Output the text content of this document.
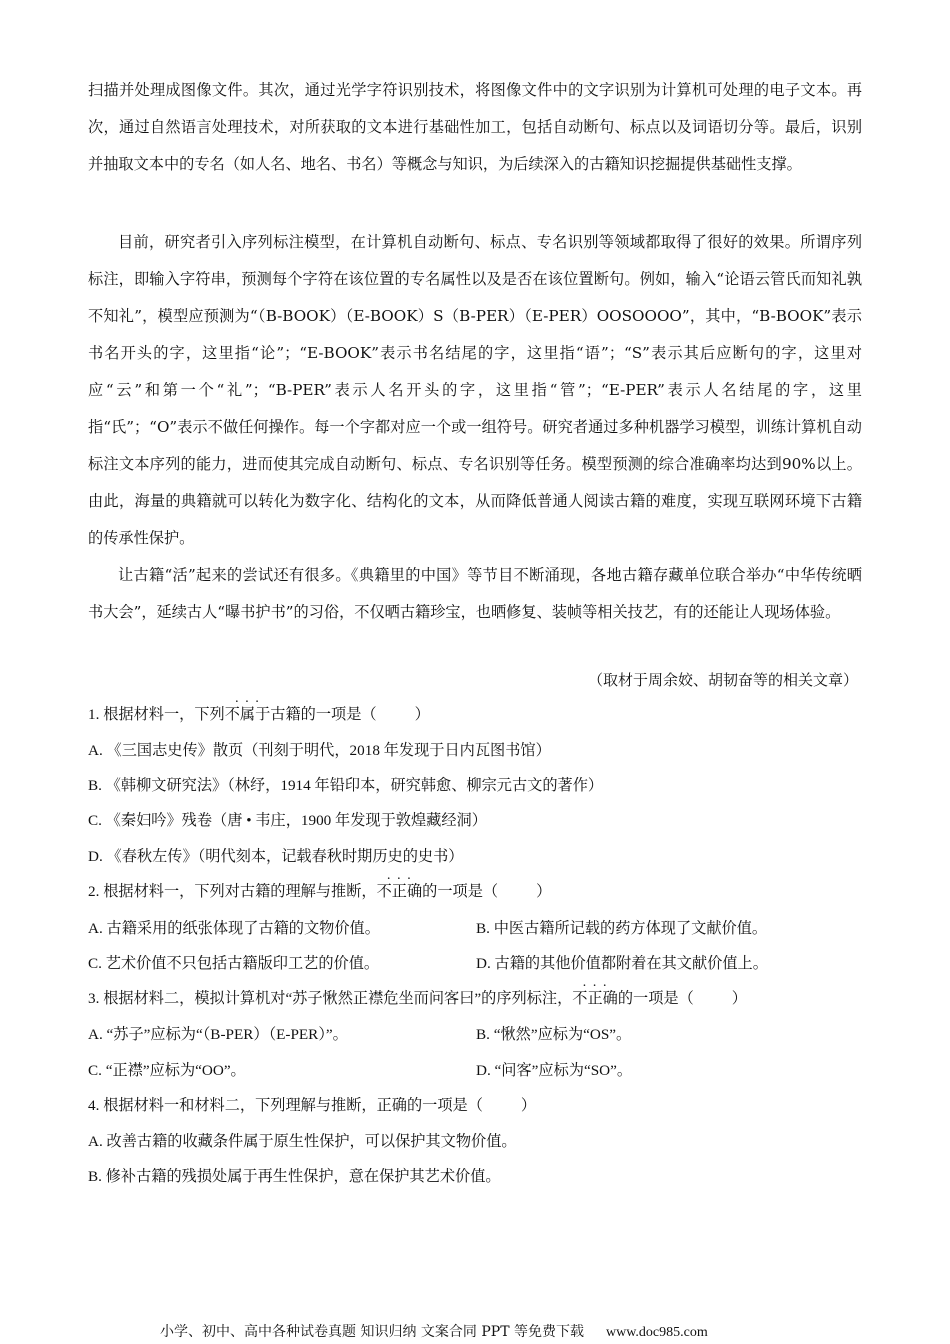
扫描并处理成图像文件。其次，通过光学字符识别技术，将图像文件中的文字识别为计算机可处理的电子文本。再次，通过自然语言处理技术，对所获取的文本进行基础性加工，包括自动断句、标点以及词语切分等。最后，识别并抽取文本中的专名（如人名、地名、书名）等概念与知识，为后续深入的古籍知识挖掘提供基础性支撑。

目前，研究者引入序列标注模型，在计算机自动断句、标点、专名识别等领域都取得了很好的效果。所谓序列标注，即输入字符串，预测每个字符在该位置的专名属性以及是否在该位置断句。例如，输入“论语云管氏而知礼孰不知礼”，模型应预测为“（B-BOOK）（E-BOOK）S（B-PER）（E-PER）OOSOOOO”，其中，“B-BOOK”表示书名开头的字，这里指“论”；“E-BOOK”表示书名结尾的字，这里指“语”；“S”表示其后应断句的字，这里对应“云”和第一个“礼”；“B-PER”表示人名开头的字，这里指“管”；“E-PER”表示人名结尾的字，这里指“氏”；“O”表示不做任何操作。每一个字都对应一个或一组符号。研究者通过多种机器学习模型，训练计算机自动标注文本序列的能力，进而使其完成自动断句、标点、专名识别等任务。模型预测的综合准确率均达到90%以上。由此，海量的典籍就可以转化为数字化、结构化的文本，从而降低普通人阅读古籍的难度，实现互联网环境下古籍的传承性保护。

让古籍“活”起来的尝试还有很多。《典籍里的中国》等节目不断涌现，各地古籍存藏单位联合举办“中华传统晒书大会”，延续古人“曝书护书”的习俗，不仅晒古籍珍宝，也晒修复、装帧等相关技艺，有的还能让人现场体验。

（取材于周余姣、胡韧奋等的相关文章）
1. 根据材料一，下列不属于 · · ·古籍的一项是（	）
A. 《三国志史传》散页（刊刻于明代，2018 年发现于日内瓦图书馆）
B. 《韩柳文研究法》（林纾，1914 年铅印本，研究韩愈、柳宗元古文的著作）
C. 《秦妇吟》残卷（唐 • 韦庄，1900 年发现于敦煌藏经洞）
D. 《春秋左传》（明代刻本，记载春秋时期历史的史书）
2. 根据材料一，下列对古籍的理解与推断，不正确 · · ·的一项是（	）
A. 古籍采用的纸张体现了古籍的文物价值。	B. 中医古籍所记载的药方体现了文献价值。
C. 艺术价值不只包括古籍版印工艺的价值。	D. 古籍的其他价值都附着在其文献价值上。
3. 根据材料二，模拟计算机对“苏子愀然正襟危坐而问客曰”的序列标注，不正确 · · ·的一项是（	）
A. “苏子”应标为“（B-PER）（E-PER）”。	B. “愀然”应标为“OS”。
C. “正襟”应标为“OO”。	D. “问客”应标为“SO”。
4. 根据材料一和材料二，下列理解与推断，正确的一项是（	）
A. 改善古籍的收藏条件属于原生性保护，可以保护其文物价值。
B. 修补古籍的残损处属于再生性保护，意在保护其艺术价值。
小学、初中、高中各种试卷真题 知识归纳 文案合同 PPT 等免费下载 www.doc985.com
